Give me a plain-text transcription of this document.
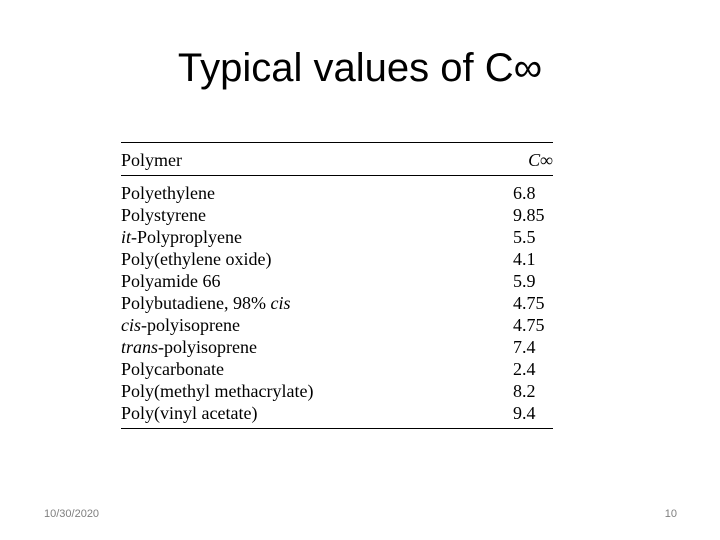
Typical values of C∞
Polymer	C∞
Polyethylene	6.8
Polystyrene	9.85
it-Polyproplyene	5.5
Poly(ethylene oxide)	4.1
Polyamide 66	5.9
Polybutadiene, 98% cis	4.75
cis-polyisoprene	4.75
trans-polyisoprene	7.4
Polycarbonate	2.4
Poly(methyl methacrylate)	8.2
Poly(vinyl acetate)	9.4
10/30/2020	10
